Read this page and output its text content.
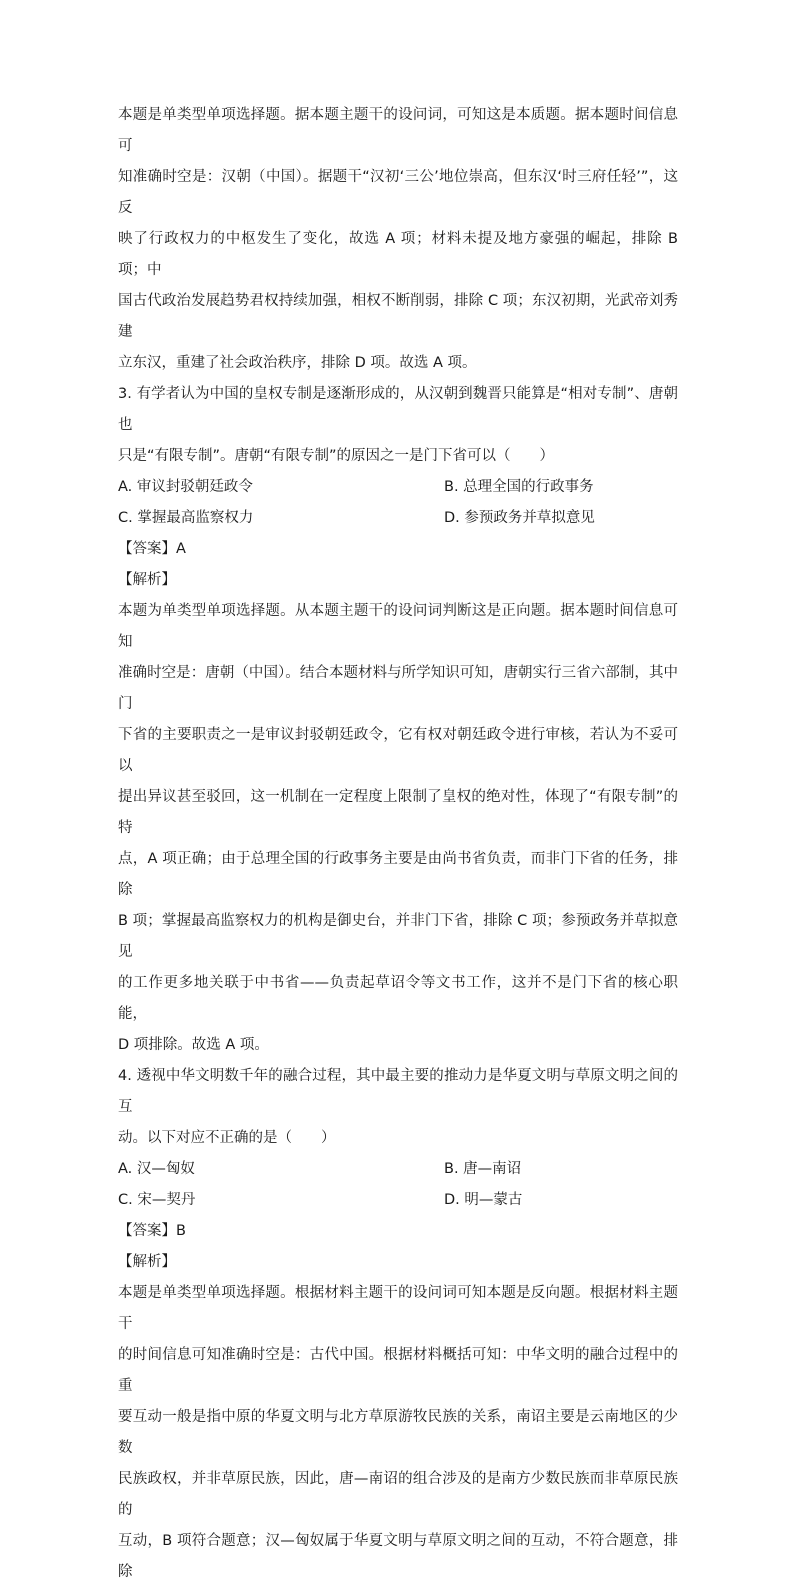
本题是单类型单项选择题。据本题主题干的设问词，可知这是本质题。据本题时间信息可

知准确时空是：汉朝（中国）。据题干“汉初‘三公’地位崇高，但东汉‘时三府任轻’”，这反

映了行政权力的中枢发生了变化，故选 A 项；材料未提及地方豪强的崛起，排除 B 项；中

国古代政治发展趋势君权持续加强，相权不断削弱，排除 C 项；东汉初期，光武帝刘秀建

立东汉，重建了社会政治秩序，排除 D 项。故选 A 项。

3. 有学者认为中国的皇权专制是逐渐形成的，从汉朝到魏晋只能算是“相对专制”、唐朝也

只是“有限专制”。唐朝“有限专制”的原因之一是门下省可以（　　）

A. 审议封驳朝廷政令	B. 总理全国的行政事务
C. 掌握最高监察权力	D. 参预政务并草拟意见

【答案】A

【解析】

本题为单类型单项选择题。从本题主题干的设问词判断这是正向题。据本题时间信息可知

准确时空是：唐朝（中国）。结合本题材料与所学知识可知，唐朝实行三省六部制，其中门

下省的主要职责之一是审议封驳朝廷政令，它有权对朝廷政令进行审核，若认为不妥可以

提出异议甚至驳回，这一机制在一定程度上限制了皇权的绝对性，体现了“有限专制”的特

点，A 项正确；由于总理全国的行政事务主要是由尚书省负责，而非门下省的任务，排除

B 项；掌握最高监察权力的机构是御史台，并非门下省，排除 C 项；参预政务并草拟意见

的工作更多地关联于中书省——负责起草诏令等文书工作，这并不是门下省的核心职能，

D 项排除。故选 A 项。

4. 透视中华文明数千年的融合过程，其中最主要的推动力是华夏文明与草原文明之间的互

动。以下对应不正确的是（　　）

A. 汉—匈奴	B. 唐—南诏
C. 宋—契丹	D. 明—蒙古

【答案】B

【解析】

本题是单类型单项选择题。根据材料主题干的设问词可知本题是反向题。根据材料主题干

的时间信息可知准确时空是：古代中国。根据材料概括可知：中华文明的融合过程中的重

要互动一般是指中原的华夏文明与北方草原游牧民族的关系，南诏主要是云南地区的少数

民族政权，并非草原民族，因此，唐—南诏的组合涉及的是南方少数民族而非草原民族的

互动，B 项符合题意；汉—匈奴属于华夏文明与草原文明之间的互动，不符合题意，排除
